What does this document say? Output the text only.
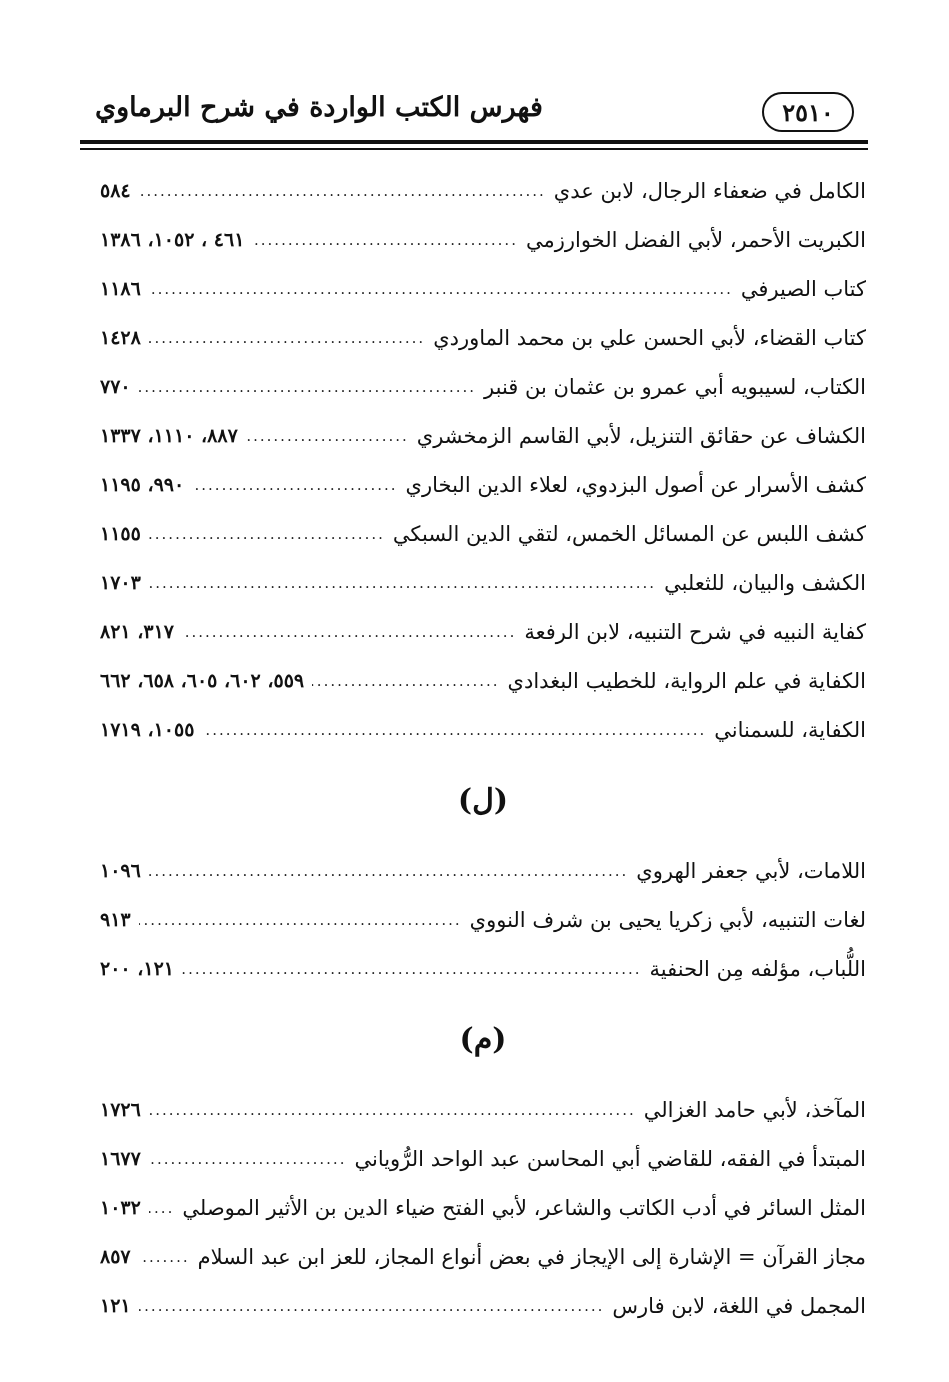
فهرس الكتب الواردة في شرح البرماوي	٢٥١٠
الكامل في ضعفاء الرجال، لابن عدي
.....
٥٨٤
الكبريت الأحمر، لأبي الفضل الخوارزمي
.....
٤٦١ ، ١٠٥٢، ١٣٨٦
كتاب الصيرفي
.....
١١٨٦
كتاب القضاء، لأبي الحسن علي بن محمد الماوردي
.....
١٤٢٨
الكتاب، لسيبويه أبي عمرو بن عثمان بن قنبر
.....
٧٧٠
الكشاف عن حقائق التنزيل، لأبي القاسم الزمخشري
.....
٨٨٧، ١١١٠، ١٣٣٧
كشف الأسرار عن أصول البزدوي، لعلاء الدين البخاري
.....
٩٩٠، ١١٩٥
كشف اللبس عن المسائل الخمس، لتقي الدين السبكي
.....
١١٥٥
الكشف والبيان، للثعلبي
.....
١٧٠٣
كفاية النبيه في شرح التنبيه، لابن الرفعة
.....
٣١٧، ٨٢١
الكفاية في علم الرواية، للخطيب البغدادي
.....
٥٥٩، ٦٠٢، ٦٠٥، ٦٥٨، ٦٦٢
الكفاية، للسمناني
.....
١٠٥٥، ١٧١٩
(ل)
اللامات، لأبي جعفر الهروي
.....
١٠٩٦
لغات التنبيه، لأبي زكريا يحيى بن شرف النووي
.....
٩١٣
اللُّباب، مؤلفه مِن الحنفية
.....
١٢١، ٢٠٠
(م)
المآخذ، لأبي حامد الغزالي
.....
١٧٢٦
المبتدأ في الفقه، للقاضي أبي المحاسن عبد الواحد الرُّوياني
.....
١٦٧٧
المثل السائر في أدب الكاتب والشاعر، لأبي الفتح ضياء الدين بن الأثير الموصلي
.....
١٠٣٢
مجاز القرآن = الإشارة إلى الإيجاز في بعض أنواع المجاز، للعز ابن عبد السلام
.....
٨٥٧
المجمل في اللغة، لابن فارس
.....
١٢١
